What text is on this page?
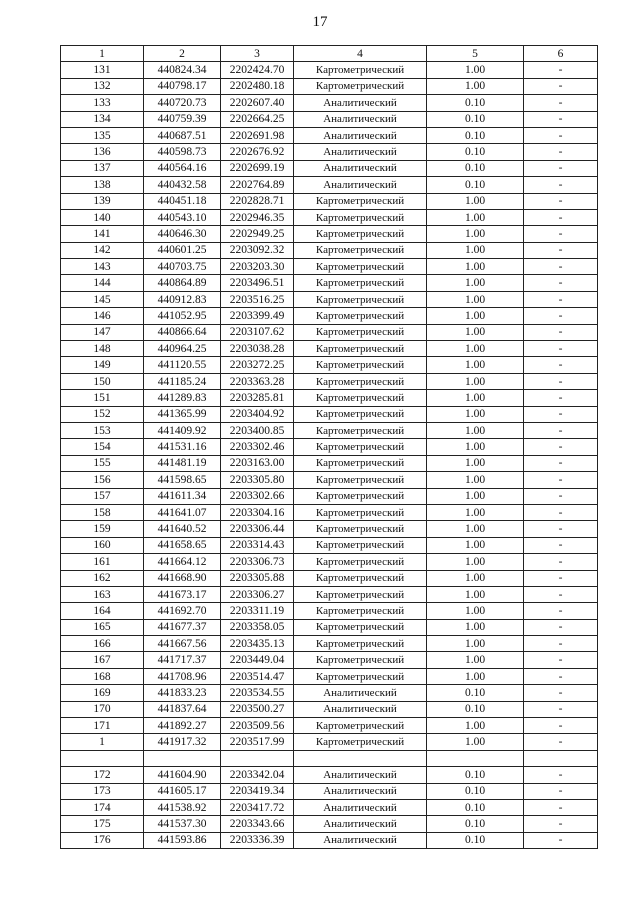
17
1	2	3	4	5	6
131	440824.34	2202424.70	Картометрический	1.00	-
132	440798.17	2202480.18	Картометрический	1.00	-
133	440720.73	2202607.40	Аналитический	0.10	-
134	440759.39	2202664.25	Аналитический	0.10	-
135	440687.51	2202691.98	Аналитический	0.10	-
136	440598.73	2202676.92	Аналитический	0.10	-
137	440564.16	2202699.19	Аналитический	0.10	-
138	440432.58	2202764.89	Аналитический	0.10	-
139	440451.18	2202828.71	Картометрический	1.00	-
140	440543.10	2202946.35	Картометрический	1.00	-
141	440646.30	2202949.25	Картометрический	1.00	-
142	440601.25	2203092.32	Картометрический	1.00	-
143	440703.75	2203203.30	Картометрический	1.00	-
144	440864.89	2203496.51	Картометрический	1.00	-
145	440912.83	2203516.25	Картометрический	1.00	-
146	441052.95	2203399.49	Картометрический	1.00	-
147	440866.64	2203107.62	Картометрический	1.00	-
148	440964.25	2203038.28	Картометрический	1.00	-
149	441120.55	2203272.25	Картометрический	1.00	-
150	441185.24	2203363.28	Картометрический	1.00	-
151	441289.83	2203285.81	Картометрический	1.00	-
152	441365.99	2203404.92	Картометрический	1.00	-
153	441409.92	2203400.85	Картометрический	1.00	-
154	441531.16	2203302.46	Картометрический	1.00	-
155	441481.19	2203163.00	Картометрический	1.00	-
156	441598.65	2203305.80	Картометрический	1.00	-
157	441611.34	2203302.66	Картометрический	1.00	-
158	441641.07	2203304.16	Картометрический	1.00	-
159	441640.52	2203306.44	Картометрический	1.00	-
160	441658.65	2203314.43	Картометрический	1.00	-
161	441664.12	2203306.73	Картометрический	1.00	-
162	441668.90	2203305.88	Картометрический	1.00	-
163	441673.17	2203306.27	Картометрический	1.00	-
164	441692.70	2203311.19	Картометрический	1.00	-
165	441677.37	2203358.05	Картометрический	1.00	-
166	441667.56	2203435.13	Картометрический	1.00	-
167	441717.37	2203449.04	Картометрический	1.00	-
168	441708.96	2203514.47	Картометрический	1.00	-
169	441833.23	2203534.55	Аналитический	0.10	-
170	441837.64	2203500.27	Аналитический	0.10	-
171	441892.27	2203509.56	Картометрический	1.00	-
1	441917.32	2203517.99	Картометрический	1.00	-

172	441604.90	2203342.04	Аналитический	0.10	-
173	441605.17	2203419.34	Аналитический	0.10	-
174	441538.92	2203417.72	Аналитический	0.10	-
175	441537.30	2203343.66	Аналитический	0.10	-
176	441593.86	2203336.39	Аналитический	0.10	-
